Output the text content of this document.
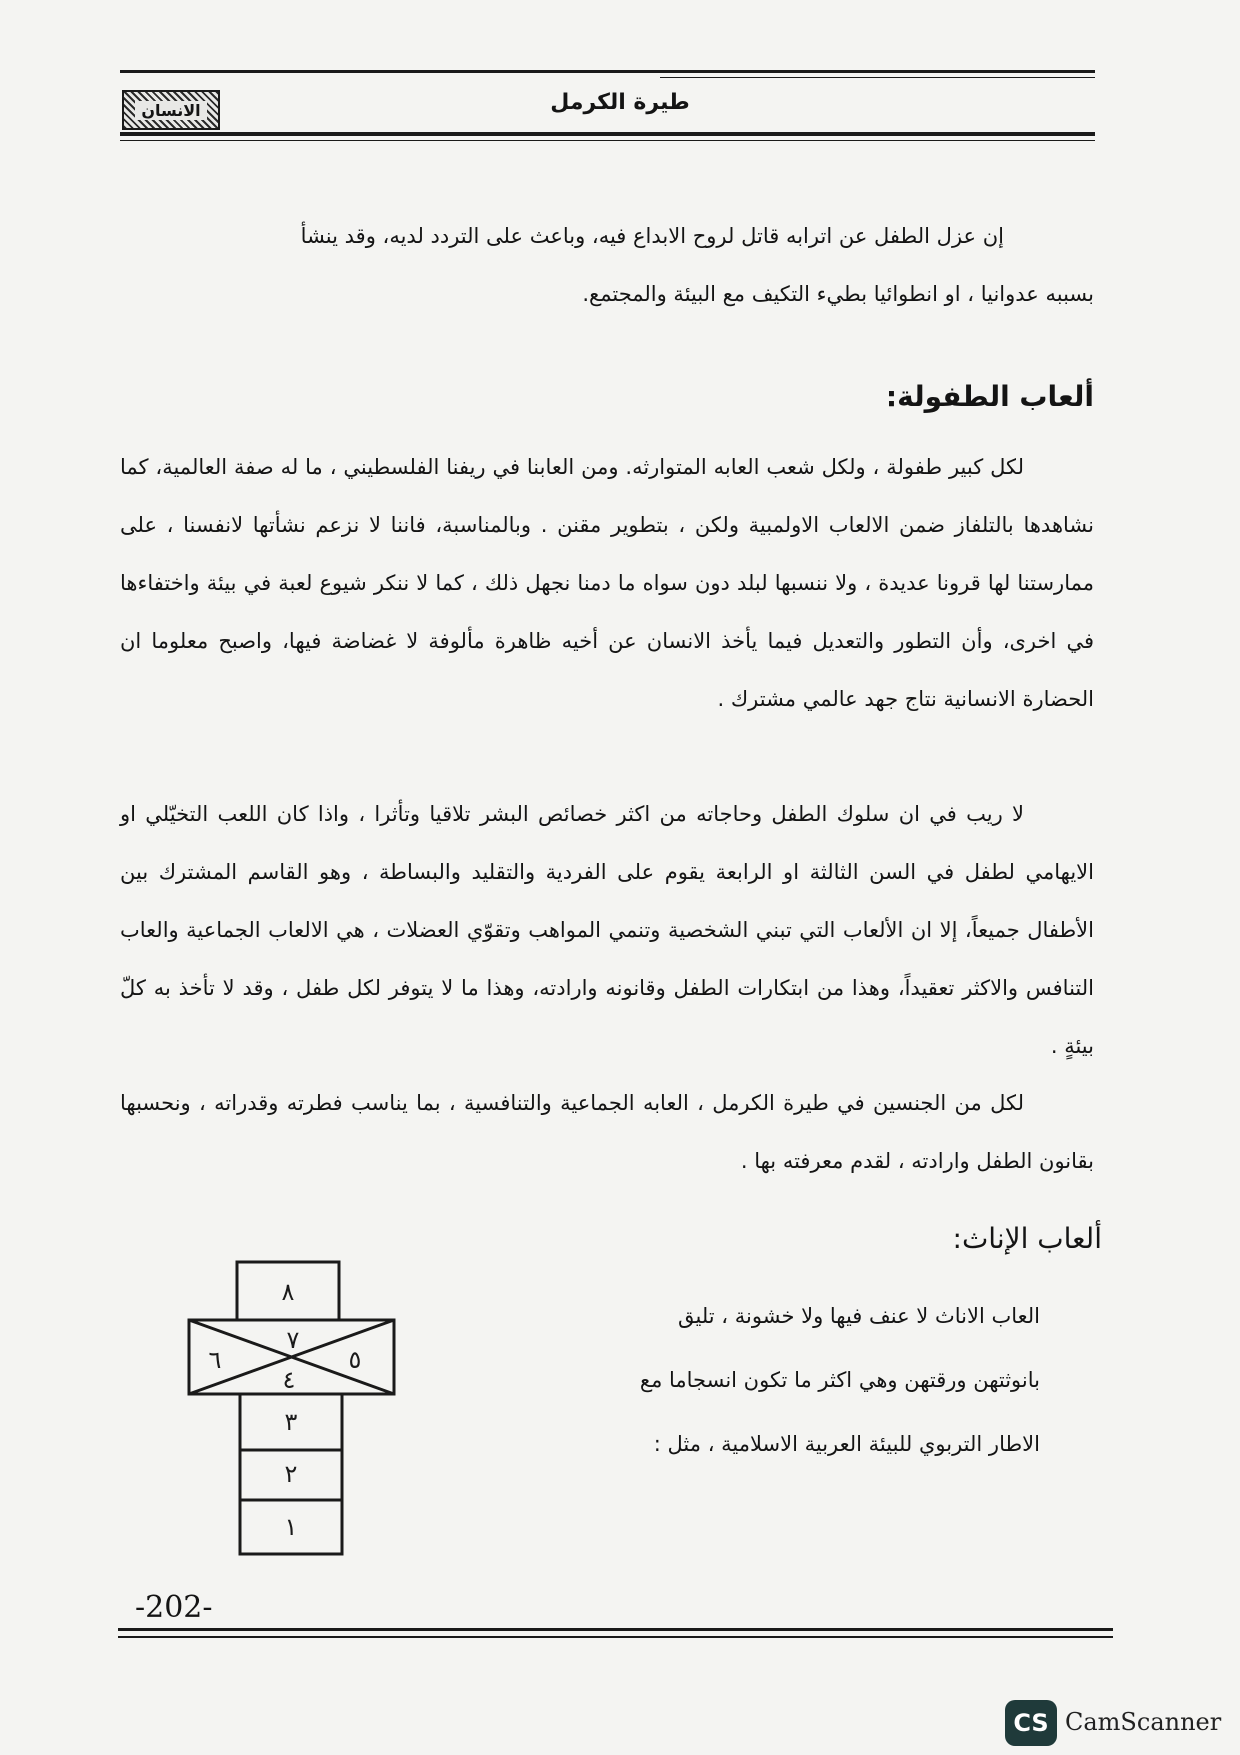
طيرة الكرمل
الانسان
إن عزل الطفل عن اترابه قاتل لروح الابداع فيه، وباعث على التردد لديه، وقد ينشأ
بسببه عدوانيا ، او انطوائيا بطيء التكيف مع البيئة والمجتمع.
ألعاب الطفولة:
لكل كبير طفولة ، ولكل شعب العابه المتوارثه. ومن العابنا في ريفنا الفلسطيني ، ما له صفة العالمية، كما نشاهدها بالتلفاز ضمن الالعاب الاولمبية ولكن ، بتطوير مقنن . وبالمناسبة، فاننا لا نزعم نشأتها لانفسنا ، على ممارستنا لها قرونا عديدة ، ولا ننسبها لبلد دون سواه ما دمنا نجهل ذلك ، كما لا ننكر شيوع لعبة في بيئة واختفاءها في اخرى، وأن التطور والتعديل فيما يأخذ الانسان عن أخيه ظاهرة مألوفة لا غضاضة فيها، واصبح معلوما ان الحضارة الانسانية نتاج جهد عالمي مشترك .
لا ريب في ان سلوك الطفل وحاجاته من اكثر خصائص البشر تلاقيا وتأثرا ، واذا كان اللعب التخيّلي او الايهامي لطفل في السن الثالثة او الرابعة يقوم على الفردية والتقليد والبساطة ، وهو القاسم المشترك بين الأطفال جميعاً، إلا ان الألعاب التي تبني الشخصية وتنمي المواهب وتقوّي العضلات ، هي الالعاب الجماعية والعاب التنافس والاكثر تعقيداً، وهذا من ابتكارات الطفل وقانونه وارادته، وهذا ما لا يتوفر لكل طفل ، وقد لا تأخذ به كلّ بيئةٍ .
لكل من الجنسين في طيرة الكرمل ، العابه الجماعية والتنافسية ، بما يناسب فطرته وقدراته ، ونحسبها بقانون الطفل وارادته ، لقدم معرفته بها .
ألعاب الإناث:
العاب الاناث لا عنف فيها ولا خشونة ، تليق
بانوثتهن ورقتهن وهي اكثر ما تكون انسجاما مع
الاطار التربوي للبيئة العربية الاسلامية ، مثل :
٨
٧
٦	٥
٤
٣
٢
١
-202-
CS CamScanner
